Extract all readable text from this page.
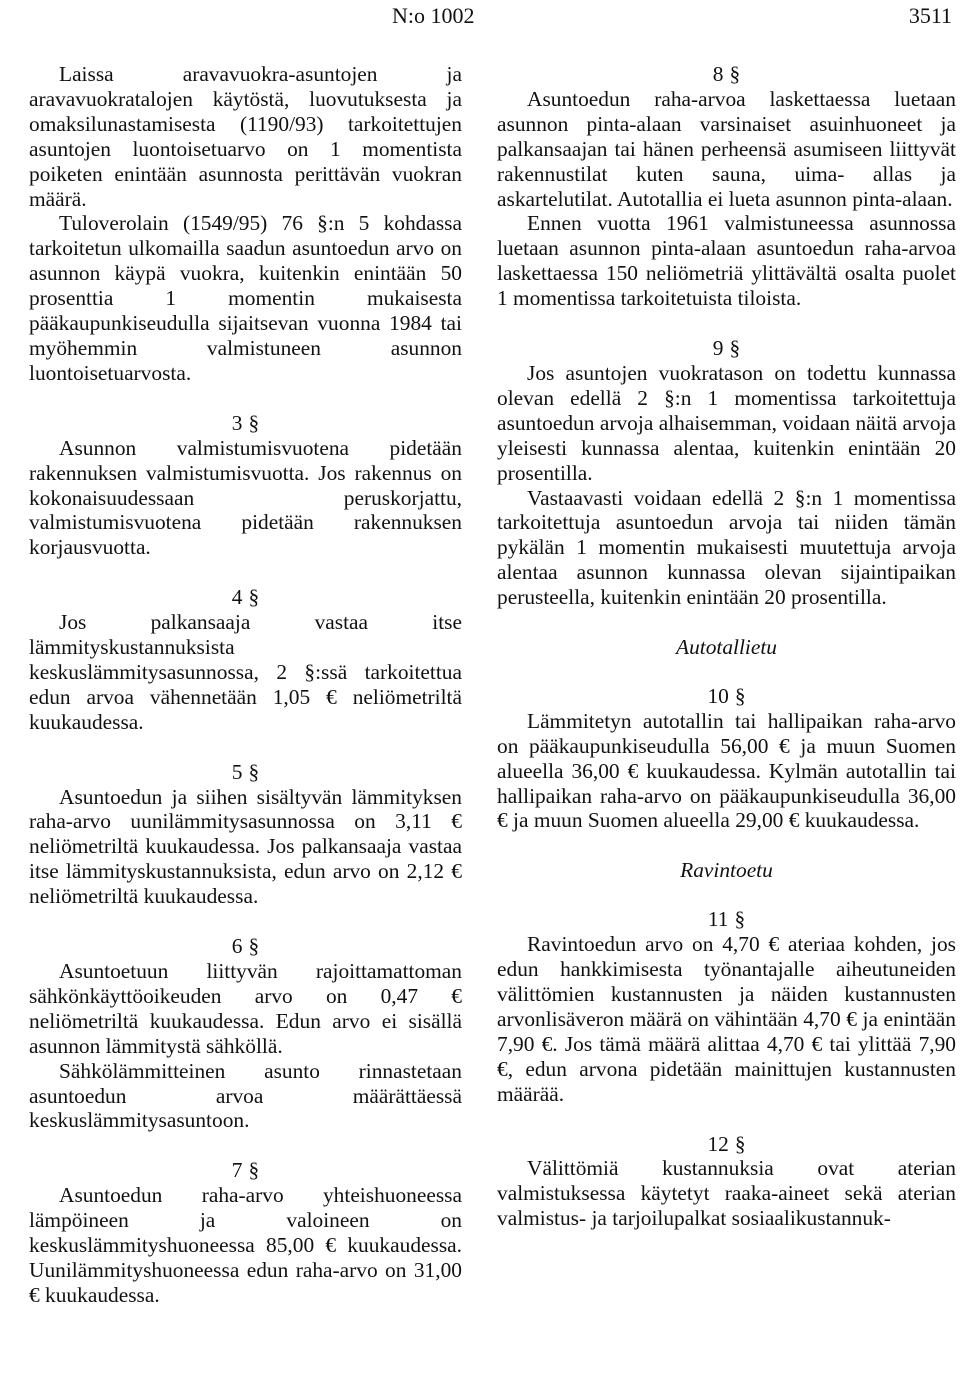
N:o 1002	3511

Laissa aravavuokra-asuntojen ja aravavuokratalojen käytöstä, luovutuksesta ja omaksilunastamisesta (1190/93) tarkoitettujen asuntojen luontoisetuarvo on 1 momentista poiketen enintään asunnosta perittävän vuokran määrä.

Tuloverolain (1549/95) 76 §:n 5 kohdassa tarkoitetun ulkomailla saadun asuntoedun arvo on asunnon käypä vuokra, kuitenkin enintään 50 prosenttia 1 momentin mukaisesta pääkaupunkiseudulla sijaitsevan vuonna 1984 tai myöhemmin valmistuneen asunnon luontoisetuarvosta.

3 §

Asunnon valmistumisvuotena pidetään rakennuksen valmistumisvuotta. Jos rakennus on kokonaisuudessaan peruskorjattu, valmistumisvuotena pidetään rakennuksen korjausvuotta.

4 §

Jos palkansaaja vastaa itse lämmityskustannuksista keskuslämmitysasunnossa, 2 §:ssä tarkoitettua edun arvoa vähennetään 1,05 € neliömetriltä kuukaudessa.

5 §

Asuntoedun ja siihen sisältyvän lämmityksen raha-arvo uunilämmitysasunnossa on 3,11 € neliömetriltä kuukaudessa. Jos palkansaaja vastaa itse lämmityskustannuksista, edun arvo on 2,12 € neliömetriltä kuukaudessa.

6 §

Asuntoetuun liittyvän rajoittamattoman sähkönkäyttöoikeuden arvo on 0,47 € neliömetriltä kuukaudessa. Edun arvo ei sisällä asunnon lämmitystä sähköllä.

Sähkölämmitteinen asunto rinnastetaan asuntoedun arvoa määrättäessä keskuslämmitysasuntoon.

7 §

Asuntoedun raha-arvo yhteishuoneessa lämpöineen ja valoineen on keskuslämmityshuoneessa 85,00 € kuukaudessa. Uunilämmityshuoneessa edun raha-arvo on 31,00 € kuukaudessa.

8 §

Asuntoedun raha-arvoa laskettaessa luetaan asunnon pinta-alaan varsinaiset asuinhuoneet ja palkansaajan tai hänen perheensä asumiseen liittyvät rakennustilat kuten sauna, uima- allas ja askartelutilat. Autotallia ei lueta asunnon pinta-alaan.

Ennen vuotta 1961 valmistuneessa asunnossa luetaan asunnon pinta-alaan asuntoedun raha-arvoa laskettaessa 150 neliömetriä ylittävältä osalta puolet 1 momentissa tarkoitetuista tiloista.

9 §

Jos asuntojen vuokratason on todettu kunnassa olevan edellä 2 §:n 1 momentissa tarkoitettuja asuntoedun arvoja alhaisemman, voidaan näitä arvoja yleisesti kunnassa alentaa, kuitenkin enintään 20 prosentilla.

Vastaavasti voidaan edellä 2 §:n 1 momentissa tarkoitettuja asuntoedun arvoja tai niiden tämän pykälän 1 momentin mukaisesti muutettuja arvoja alentaa asunnon kunnassa olevan sijaintipaikan perusteella, kuitenkin enintään 20 prosentilla.

Autotallietu

10 §

Lämmitetyn autotallin tai hallipaikan raha-arvo on pääkaupunkiseudulla 56,00 € ja muun Suomen alueella 36,00 € kuukaudessa. Kylmän autotallin tai hallipaikan raha-arvo on pääkaupunkiseudulla 36,00 € ja muun Suomen alueella 29,00 € kuukaudessa.

Ravintoetu

11 §

Ravintoedun arvo on 4,70 € ateriaa kohden, jos edun hankkimisesta työnantajalle aiheutuneiden välittömien kustannusten ja näiden kustannusten arvonlisäveron määrä on vähintään 4,70 € ja enintään 7,90 €. Jos tämä määrä alittaa 4,70 € tai ylittää 7,90 €, edun arvona pidetään mainittujen kustannusten määrää.

12 §

Välittömiä kustannuksia ovat aterian valmistuksessa käytetyt raaka-aineet sekä aterian valmistus- ja tarjoilupalkat sosiaalikustannuk-
